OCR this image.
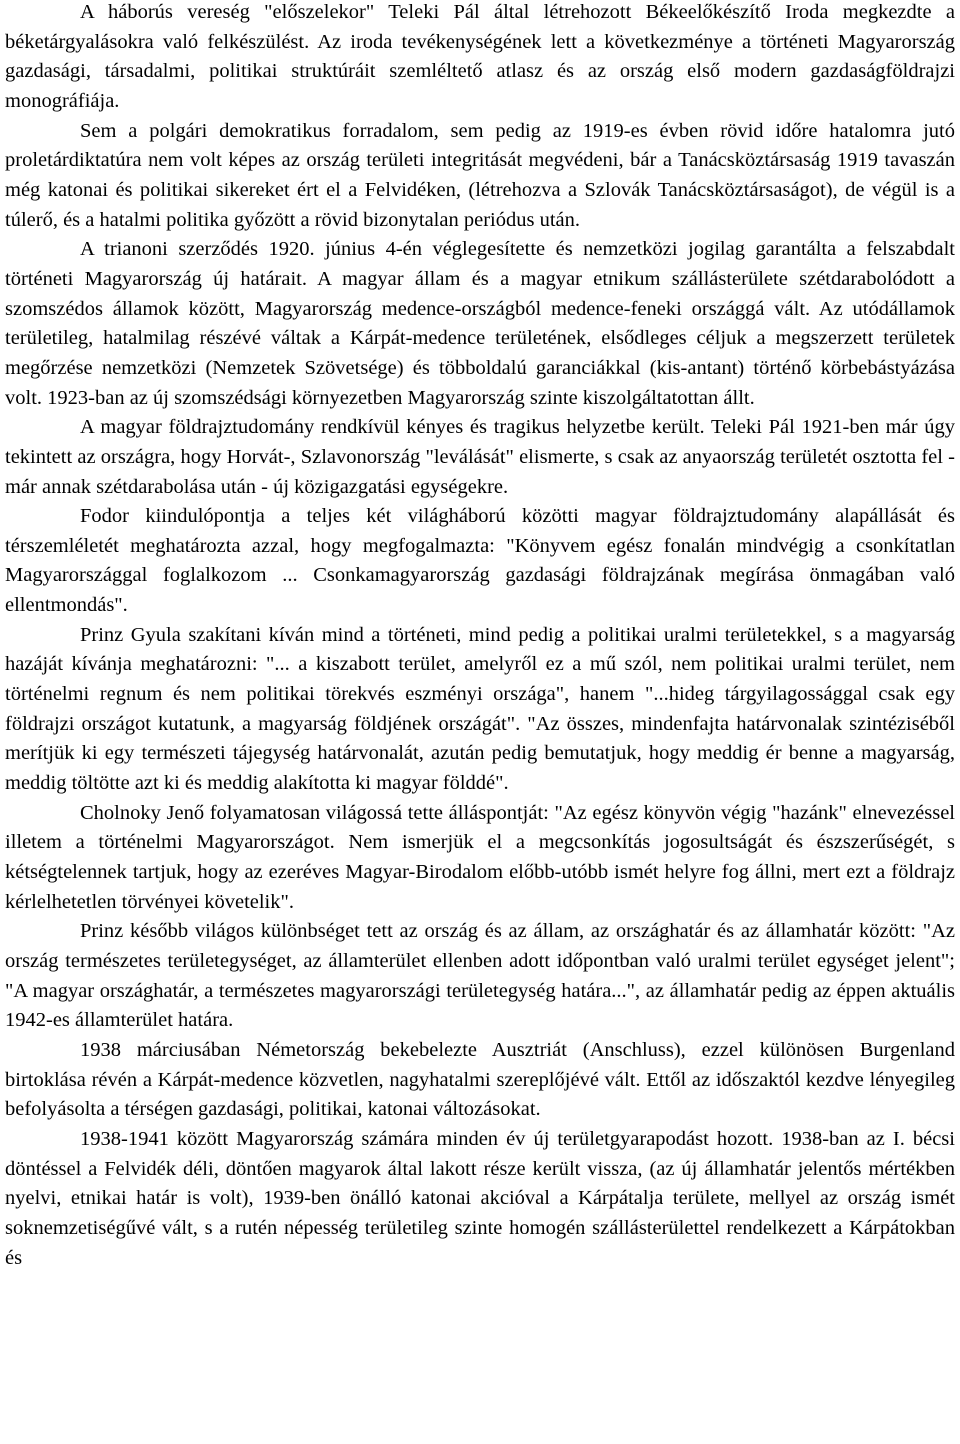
A háborús vereség "előszelekor" Teleki Pál által létrehozott Békeelőkészítő Iroda megkezdte a béketárgyalásokra való felkészülést. Az iroda tevékenységének lett a következménye a történeti Magyarország gazdasági, társadalmi, politikai struktúráit szemléltető atlasz és az ország első modern gazdaságföldrajzi monográfiája.

Sem a polgári demokratikus forradalom, sem pedig az 1919-es évben rövid időre hatalomra jutó proletárdiktatúra nem volt képes az ország területi integritását megvédeni, bár a Tanácsköztársaság 1919 tavaszán még katonai és politikai sikereket ért el a Felvidéken, (létrehozva a Szlovák Tanácsköztársaságot), de végül is a túlerő, és a hatalmi politika győzött a rövid bizonytalan periódus után.

A trianoni szerződés 1920. június 4-én véglegesítette és nemzetközi jogilag garantálta a felszabdalt történeti Magyarország új határait. A magyar állam és a magyar etnikum szállásterülete szétdarabolódott a szomszédos államok között, Magyarország medence-országból medence-feneki országgá vált. Az utódállamok területileg, hatalmilag részévé váltak a Kárpát-medence területének, elsődleges céljuk a megszerzett területek megőrzése nemzetközi (Nemzetek Szövetsége) és többoldalú garanciákkal (kis-antant) történő körbebástyázása volt. 1923-ban az új szomszédsági környezetben Magyarország szinte kiszolgáltatottan állt.

A magyar földrajztudomány rendkívül kényes és tragikus helyzetbe került. Teleki Pál 1921-ben már úgy tekintett az országra, hogy Horvát-, Szlavonország "leválását" elismerte, s csak az anyaország területét osztotta fel - már annak szétdarabolása után - új közigazgatási egységekre.

Fodor kiindulópontja a teljes két világháború közötti magyar földrajztudomány alapállását és térszemléletét meghatározta azzal, hogy megfogalmazta: "Könyvem egész fonalán mindvégig a csonkítatlan Magyarországgal foglalkozom ... Csonkamagyarország gazdasági földrajzának megírása önmagában való ellentmondás".

Prinz Gyula szakítani kíván mind a történeti, mind pedig a politikai uralmi területekkel, s a magyarság hazáját kívánja meghatározni: "... a kiszabott terület, amelyről ez a mű szól, nem politikai uralmi terület, nem történelmi regnum és nem politikai törekvés eszményi országa", hanem "...hideg tárgyilagossággal csak egy földrajzi országot kutatunk, a magyarság földjének országát". "Az összes, mindenfajta határvonalak szintéziséből merítjük ki egy természeti tájegység határvonalát, azután pedig bemutatjuk, hogy meddig ér benne a magyarság, meddig töltötte azt ki és meddig alakította ki magyar földdé".

Cholnoky Jenő folyamatosan világossá tette álláspontját: "Az egész könyvön végig "hazánk" elnevezéssel illetem a történelmi Magyarországot. Nem ismerjük el a megcsonkítás jogosultságát és észszerűségét, s kétségtelennek tartjuk, hogy az ezeréves Magyar-Birodalom előbb-utóbb ismét helyre fog állni, mert ezt a földrajz kérlelhetetlen törvényei követelik".

Prinz később világos különbséget tett az ország és az állam, az országhatár és az államhatár között: "Az ország természetes területegységet, az államterület ellenben adott időpontban való uralmi terület egységet jelent"; "A magyar országhatár, a természetes magyarországi területegység határa...", az államhatár pedig az éppen aktuális 1942-es államterület határa.

1938 márciusában Németország bekebelezte Ausztriát (Anschluss), ezzel különösen Burgenland birtoklása révén a Kárpát-medence közvetlen, nagyhatalmi szereplőjévé vált. Ettől az időszaktól kezdve lényegileg befolyásolta a térségen gazdasági, politikai, katonai változásokat.

1938-1941 között Magyarország számára minden év új területgyarapodást hozott. 1938-ban az I. bécsi döntéssel a Felvidék déli, döntően magyarok által lakott része került vissza, (az új államhatár jelentős mértékben nyelvi, etnikai határ is volt), 1939-ben önálló katonai akcióval a Kárpátalja területe, mellyel az ország ismét soknemzetiségűvé vált, s a rutén népesség területileg szinte homogén szállásterülettel rendelkezett a Kárpátokban és
